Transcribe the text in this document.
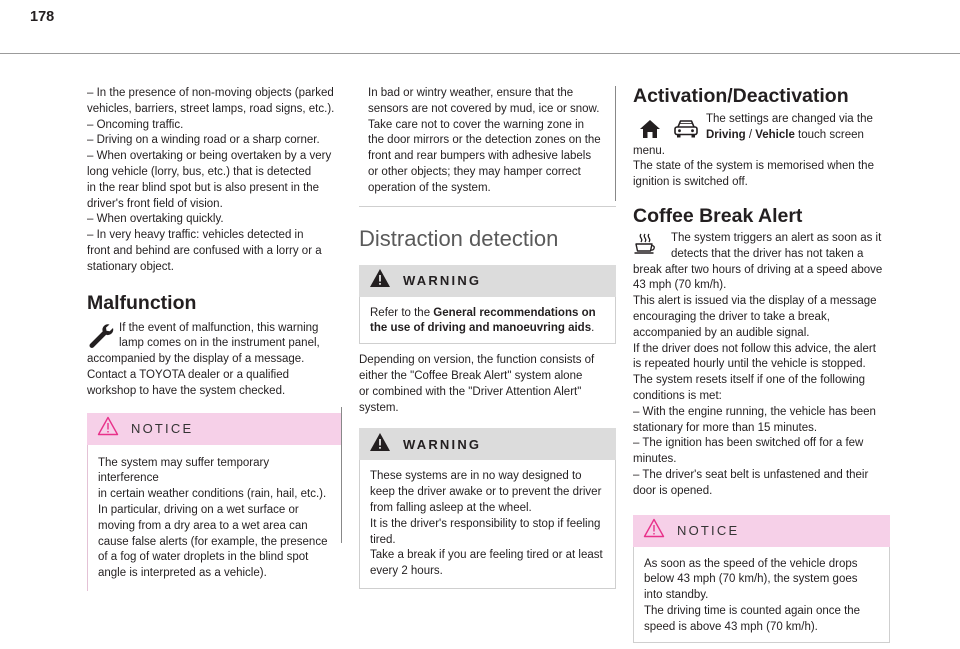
178
– In the presence of non-moving objects (parked
vehicles, barriers, street lamps, road signs, etc.).
– Oncoming traffic.
– Driving on a winding road or a sharp corner.
– When overtaking or being overtaken by a very
long vehicle (lorry, bus, etc.) that is detected
in the rear blind spot but is also present in the
driver's front field of vision.
– When overtaking quickly.
– In very heavy traffic: vehicles detected in
front and behind are confused with a lorry or a
stationary object.
Malfunction
If the event of malfunction, this warning
lamp comes on in the instrument panel,
accompanied by the display of a message.
Contact a TOYOTA dealer or a qualified
workshop to have the system checked.
NOTICE
The system may suffer temporary interference
in certain weather conditions (rain, hail, etc.).
In particular, driving on a wet surface or
moving from a dry area to a wet area can
cause false alerts (for example, the presence
of a fog of water droplets in the blind spot
angle is interpreted as a vehicle).
In bad or wintry weather, ensure that the
sensors are not covered by mud, ice or snow.
Take care not to cover the warning zone in
the door mirrors or the detection zones on the
front and rear bumpers with adhesive labels
or other objects; they may hamper correct
operation of the system.
Distraction detection
WARNING
Refer to the General recommendations on
the use of driving and manoeuvring aids.
Depending on version, the function consists of
either the "Coffee Break Alert" system alone
or combined with the "Driver Attention Alert"
system.
WARNING
These systems are in no way designed to
keep the driver awake or to prevent the driver
from falling asleep at the wheel.
It is the driver's responsibility to stop if feeling
tired.
Take a break if you are feeling tired or at least
every 2 hours.
Activation/Deactivation
The settings are changed via the
Driving / Vehicle touch screen
menu.
The state of the system is memorised when the
ignition is switched off.
Coffee Break Alert
The system triggers an alert as soon as it
detects that the driver has not taken a
break after two hours of driving at a speed above
43 mph (70 km/h).
This alert is issued via the display of a message
encouraging the driver to take a break,
accompanied by an audible signal.
If the driver does not follow this advice, the alert
is repeated hourly until the vehicle is stopped.
The system resets itself if one of the following
conditions is met:
– With the engine running, the vehicle has been
stationary for more than 15 minutes.
– The ignition has been switched off for a few
minutes.
– The driver's seat belt is unfastened and their
door is opened.
NOTICE
As soon as the speed of the vehicle drops
below 43 mph (70 km/h), the system goes
into standby.
The driving time is counted again once the
speed is above 43 mph (70 km/h).
